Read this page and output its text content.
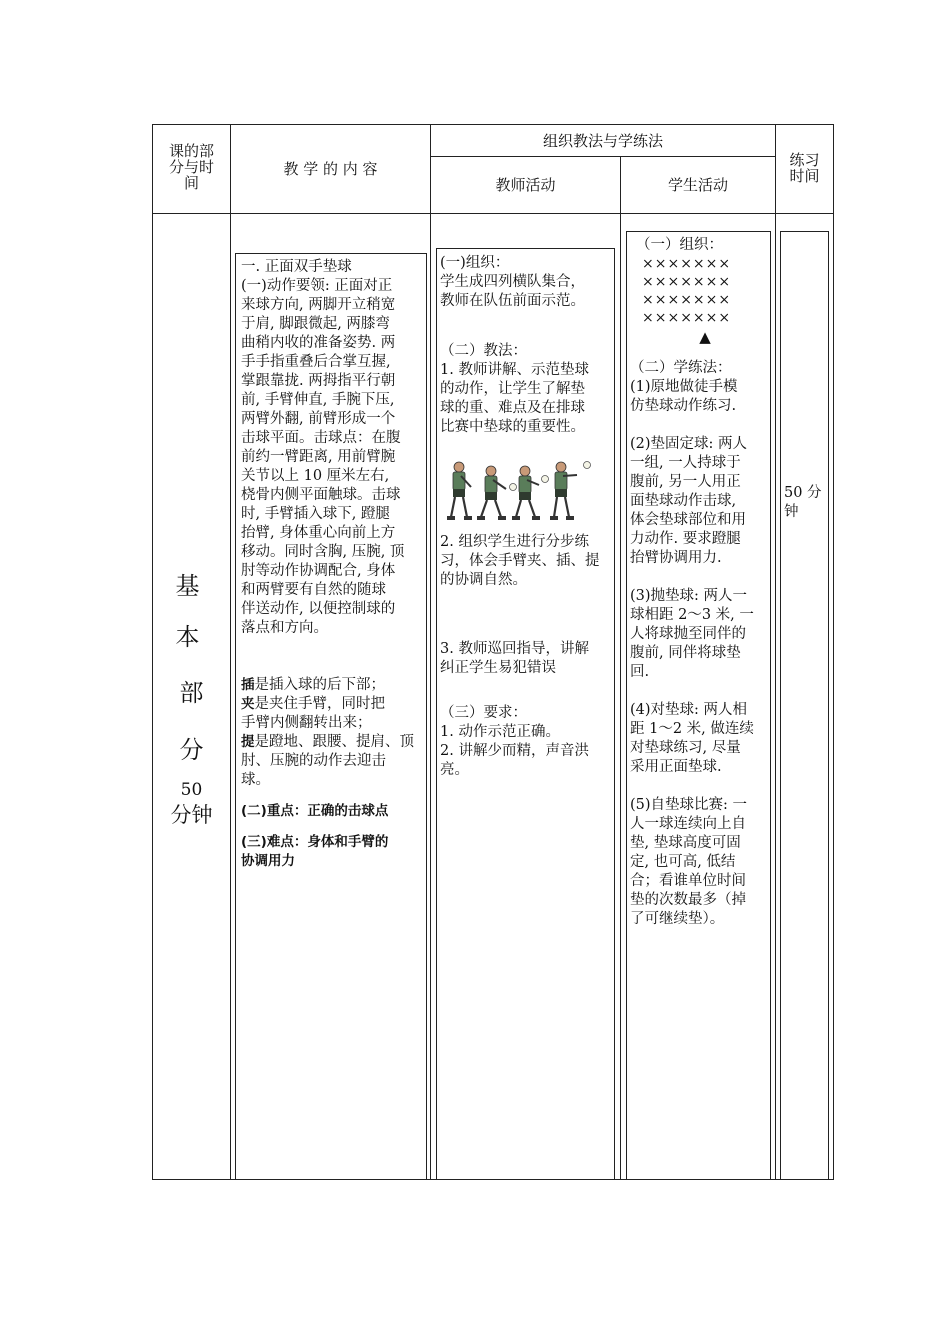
课的部
分与时
间
教 学 的 内 容
组织教法与学练法
教师活动	学生活动
练习
时间
基
本
部
分
50
分钟

一. 正面双手垫球

(一)动作要领: 正面对正

来球方向, 两脚开立稍宽

于肩, 脚跟微起, 两膝弯

曲稍内收的准备姿势. 两

手手指重叠后合掌互握,

掌跟靠拢. 两拇指平行朝

前, 手臂伸直, 手腕下压,

两臂外翻, 前臂形成一个

击球平面。击球点：在腹

前约一臂距离, 用前臂腕

关节以上 10 厘米左右,

桡骨内侧平面触球。击球

时, 手臂插入球下, 蹬腿

抬臂, 身体重心向前上方

移动。同时含胸, 压腕, 顶

肘等动作协调配合, 身体

和两臂要有自然的随球

伴送动作, 以便控制球的

落点和方向。

插是插入球的后下部；

夹是夹住手臂，同时把

手臂内侧翻转出来；

提是蹬地、跟腰、提肩、顶

肘、压腕的动作去迎击

球。

(二)重点：正确的击球点

(三)难点：身体和手臂的

协调用力

(一)组织：

学生成四列横队集合，

教师在队伍前面示范。

（二）教法：

1. 教师讲解、示范垫球

的动作，让学生了解垫

球的重、难点及在排球

比赛中垫球的重要性。

2. 组织学生进行分步练

习，体会手臂夹、插、提

的协调自然。

3. 教师巡回指导，讲解

纠正学生易犯错误

（三）要求：

1. 动作示范正确。

2. 讲解少而精，声音洪

亮。

（一）组织：

×××××××
×××××××
×××××××
×××××××
▲

（二）学练法：

(1)原地做徒手模

仿垫球动作练习.

(2)垫固定球: 两人

一组, 一人持球于

腹前, 另一人用正

面垫球动作击球,

体会垫球部位和用

力动作. 要求蹬腿

抬臂协调用力.

(3)抛垫球: 两人一

球相距 2～3 米, 一

人将球抛至同伴的

腹前, 同伴将球垫

回.

(4)对垫球: 两人相

距 1～2 米, 做连续

对垫球练习, 尽量

采用正面垫球.

(5)自垫球比赛: 一

人一球连续向上自

垫, 垫球高度可固

定, 也可高, 低结

合；看谁单位时间

垫的次数最多（掉

了可继续垫）。

50 分

钟
